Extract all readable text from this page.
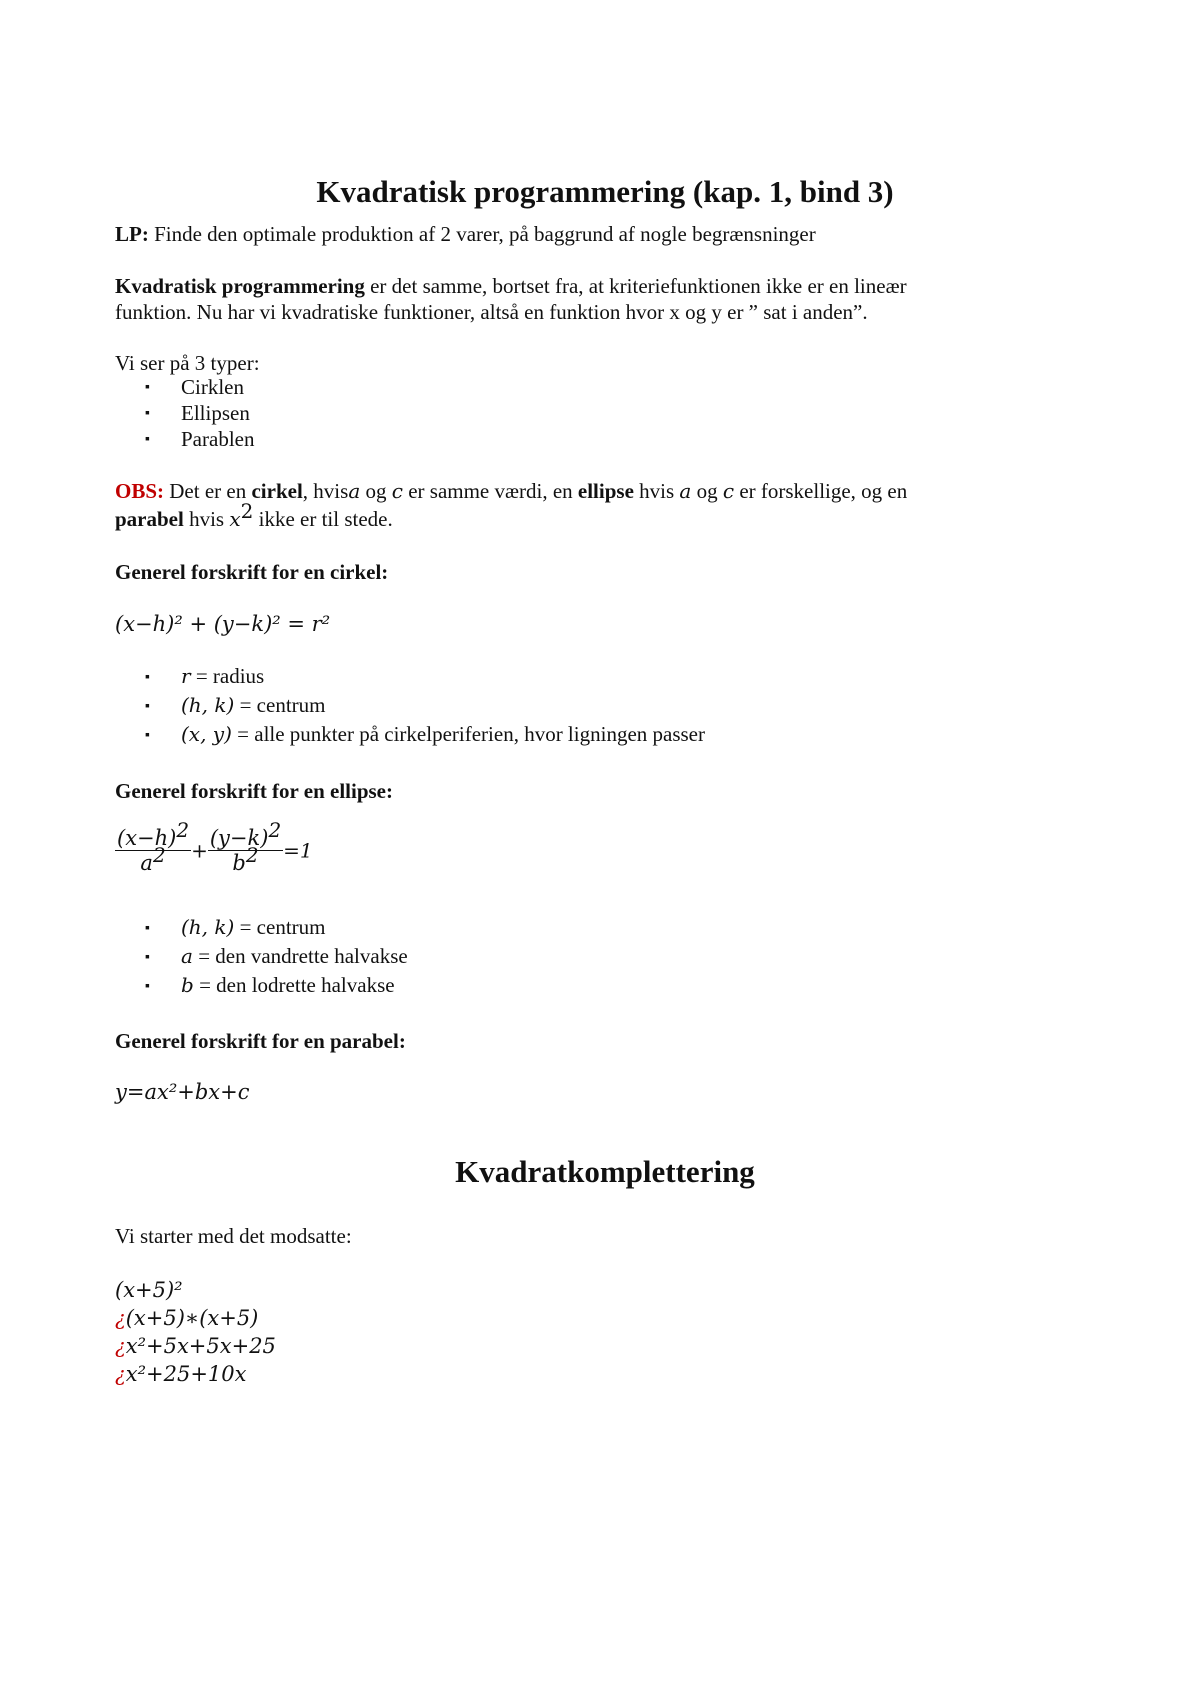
Kvadratisk programmering (kap. 1, bind 3)
LP: Finde den optimale produktion af 2 varer, på baggrund af nogle begrænsninger
Kvadratisk programmering er det samme, bortset fra, at kriteriefunktionen ikke er en lineær
funktion. Nu har vi kvadratiske funktioner, altså en funktion hvor x og y er ” sat i anden”.
Vi ser på 3 typer:
▪ Cirklen
▪ Ellipsen
▪ Parablen
OBS: Det er en cirkel, hvisa og c er samme værdi, en ellipse hvis a og c er forskellige, og en
parabel hvis $x^2$ ikke er til stede.
Generel forskrift for en cirkel:
(x−h)² + (y−k)² = r²
▪ r = radius
▪ (h, k) = centrum
▪ (x, y) = alle punkter på cirkelperiferien, hvor ligningen passer
Generel forskrift for en ellipse:
$\frac{(x-h)^2}{a^2} + \frac{(y-k)^2}{b^2} =1$
▪ (h, k) = centrum
▪ a = den vandrette halvakse
▪ b = den lodrette halvakse
Generel forskrift for en parabel:
y=ax²+bx+c
Kvadratkomplettering
Vi starter med det modsatte:
(x+5)²
¿(x+5)∗(x+5)
¿x²+5x+5x+25
¿x²+25+10x
